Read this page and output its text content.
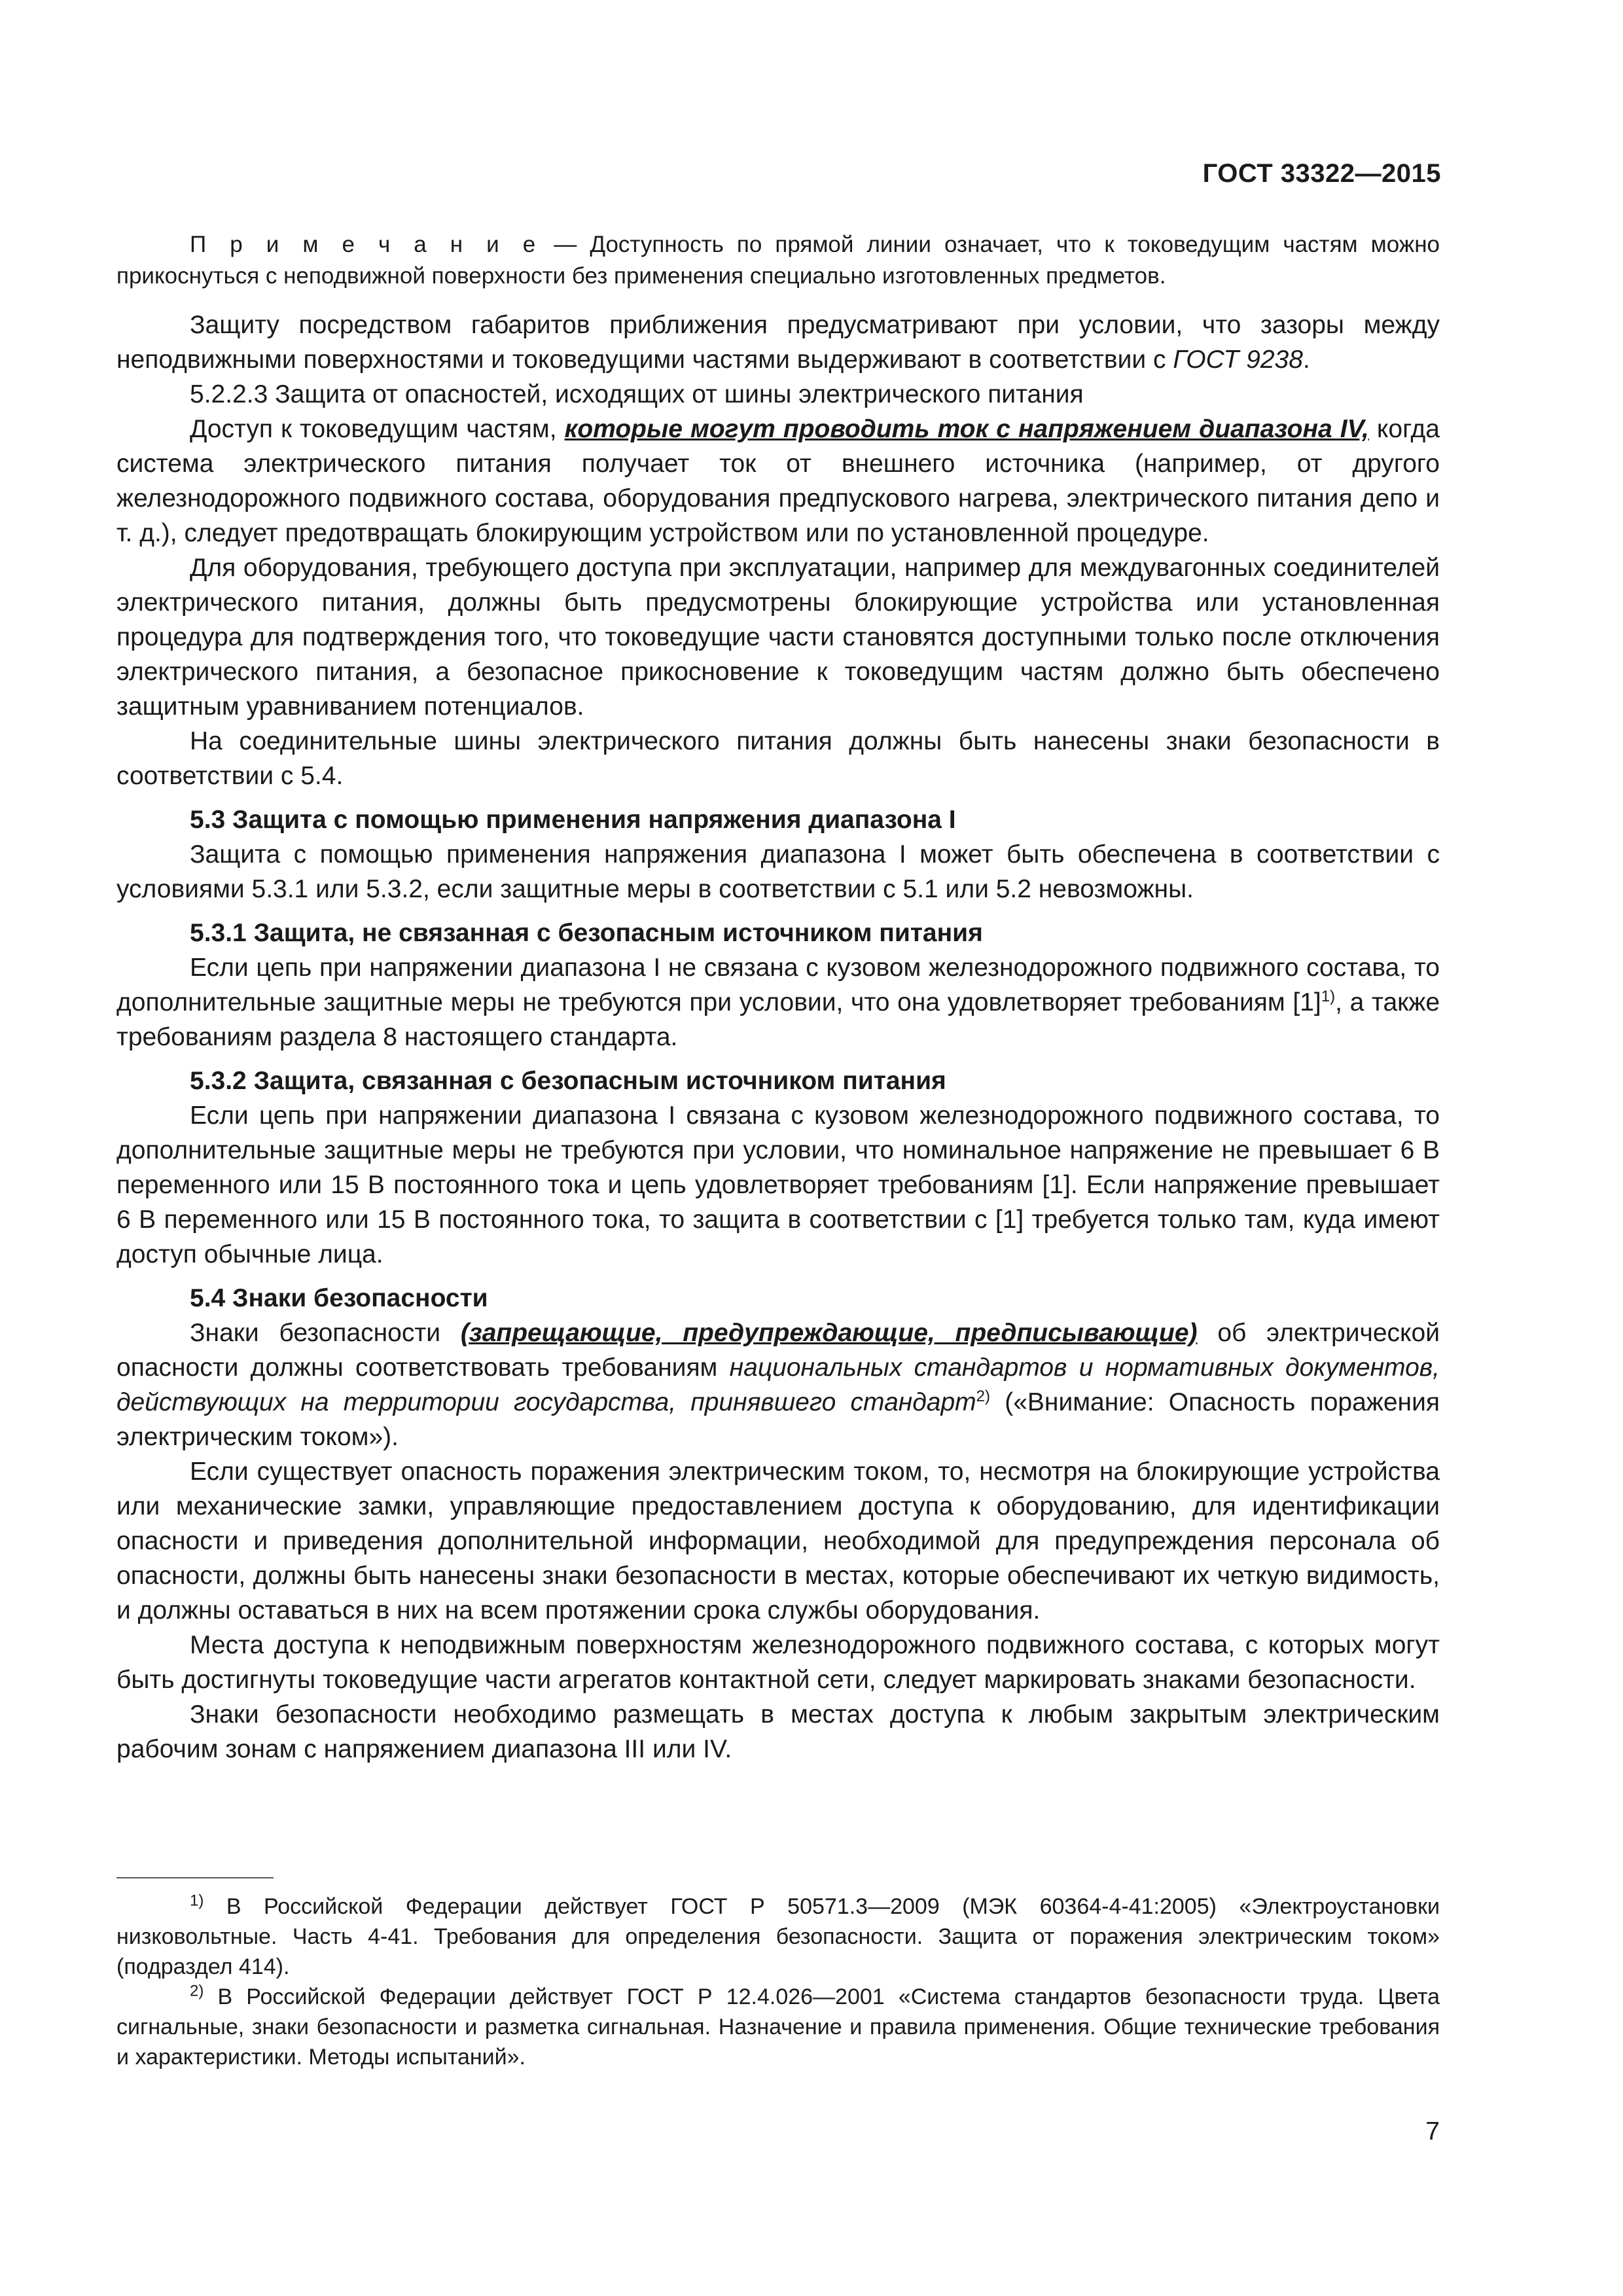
ГОСТ 33322—2015

П р и м е ч а н и е — Доступность по прямой линии означает, что к токоведущим частям можно прикоснуться с неподвижной поверхности без применения специально изготовленных предметов.

Защиту посредством габаритов приближения предусматривают при условии, что зазоры между неподвижными поверхностями и токоведущими частями выдерживают в соответствии с ГОСТ 9238.

5.2.2.3 Защита от опасностей, исходящих от шины электрического питания

Доступ к токоведущим частям, которые могут проводить ток с напряжением диапазона IV, когда система электрического питания получает ток от внешнего источника (например, от другого железнодорожного подвижного состава, оборудования предпускового нагрева, электрического питания депо и т. д.), следует предотвращать блокирующим устройством или по установленной процедуре.

Для оборудования, требующего доступа при эксплуатации, например для междувагонных соединителей электрического питания, должны быть предусмотрены блокирующие устройства или установленная процедура для подтверждения того, что токоведущие части становятся доступными только после отключения электрического питания, а безопасное прикосновение к токоведущим частям должно быть обеспечено защитным уравниванием потенциалов.

На соединительные шины электрического питания должны быть нанесены знаки безопасности в соответствии с 5.4.

5.3 Защита с помощью применения напряжения диапазона I

Защита с помощью применения напряжения диапазона I может быть обеспечена в соответствии с условиями 5.3.1 или 5.3.2, если защитные меры в соответствии с 5.1 или 5.2 невозможны.

5.3.1 Защита, не связанная с безопасным источником питания

Если цепь при напряжении диапазона I не связана с кузовом железнодорожного подвижного состава, то дополнительные защитные меры не требуются при условии, что она удовлетворяет требованиям $[1]^{1)}$, а также требованиям раздела 8 настоящего стандарта.

5.3.2 Защита, связанная с безопасным источником питания

Если цепь при напряжении диапазона I связана с кузовом железнодорожного подвижного состава, то дополнительные защитные меры не требуются при условии, что номинальное напряжение не превышает 6 В переменного или 15 В постоянного тока и цепь удовлетворяет требованиям [1]. Если напряжение превышает 6 В переменного или 15 В постоянного тока, то защита в соответствии с [1] требуется только там, куда имеют доступ обычные лица.

5.4 Знаки безопасности

Знаки безопасности (запрещающие, предупреждающие, предписывающие) об электрической опасности должны соответствовать требованиям национальных стандартов и нормативных документов, действующих на территории государства, принявшего стандарт$^{2)}$ («Внимание: Опасность поражения электрическим током»).

Если существует опасность поражения электрическим током, то, несмотря на блокирующие устройства или механические замки, управляющие предоставлением доступа к оборудованию, для идентификации опасности и приведения дополнительной информации, необходимой для предупреждения персонала об опасности, должны быть нанесены знаки безопасности в местах, которые обеспечивают их четкую видимость, и должны оставаться в них на всем протяжении срока службы оборудования.

Места доступа к неподвижным поверхностям железнодорожного подвижного состава, с которых могут быть достигнуты токоведущие части агрегатов контактной сети, следует маркировать знаками безопасности.

Знаки безопасности необходимо размещать в местах доступа к любым закрытым электрическим рабочим зонам с напряжением диапазона III или IV.

$^{1)}$ В Российской Федерации действует ГОСТ Р 50571.3—2009 (МЭК 60364-4-41:2005) «Электроустановки низковольтные. Часть 4-41. Требования для определения безопасности. Защита от поражения электрическим током» (подраздел 414).

$^{2)}$ В Российской Федерации действует ГОСТ Р 12.4.026—2001 «Система стандартов безопасности труда. Цвета сигнальные, знаки безопасности и разметка сигнальная. Назначение и правила применения. Общие технические требования и характеристики. Методы испытаний».

7
